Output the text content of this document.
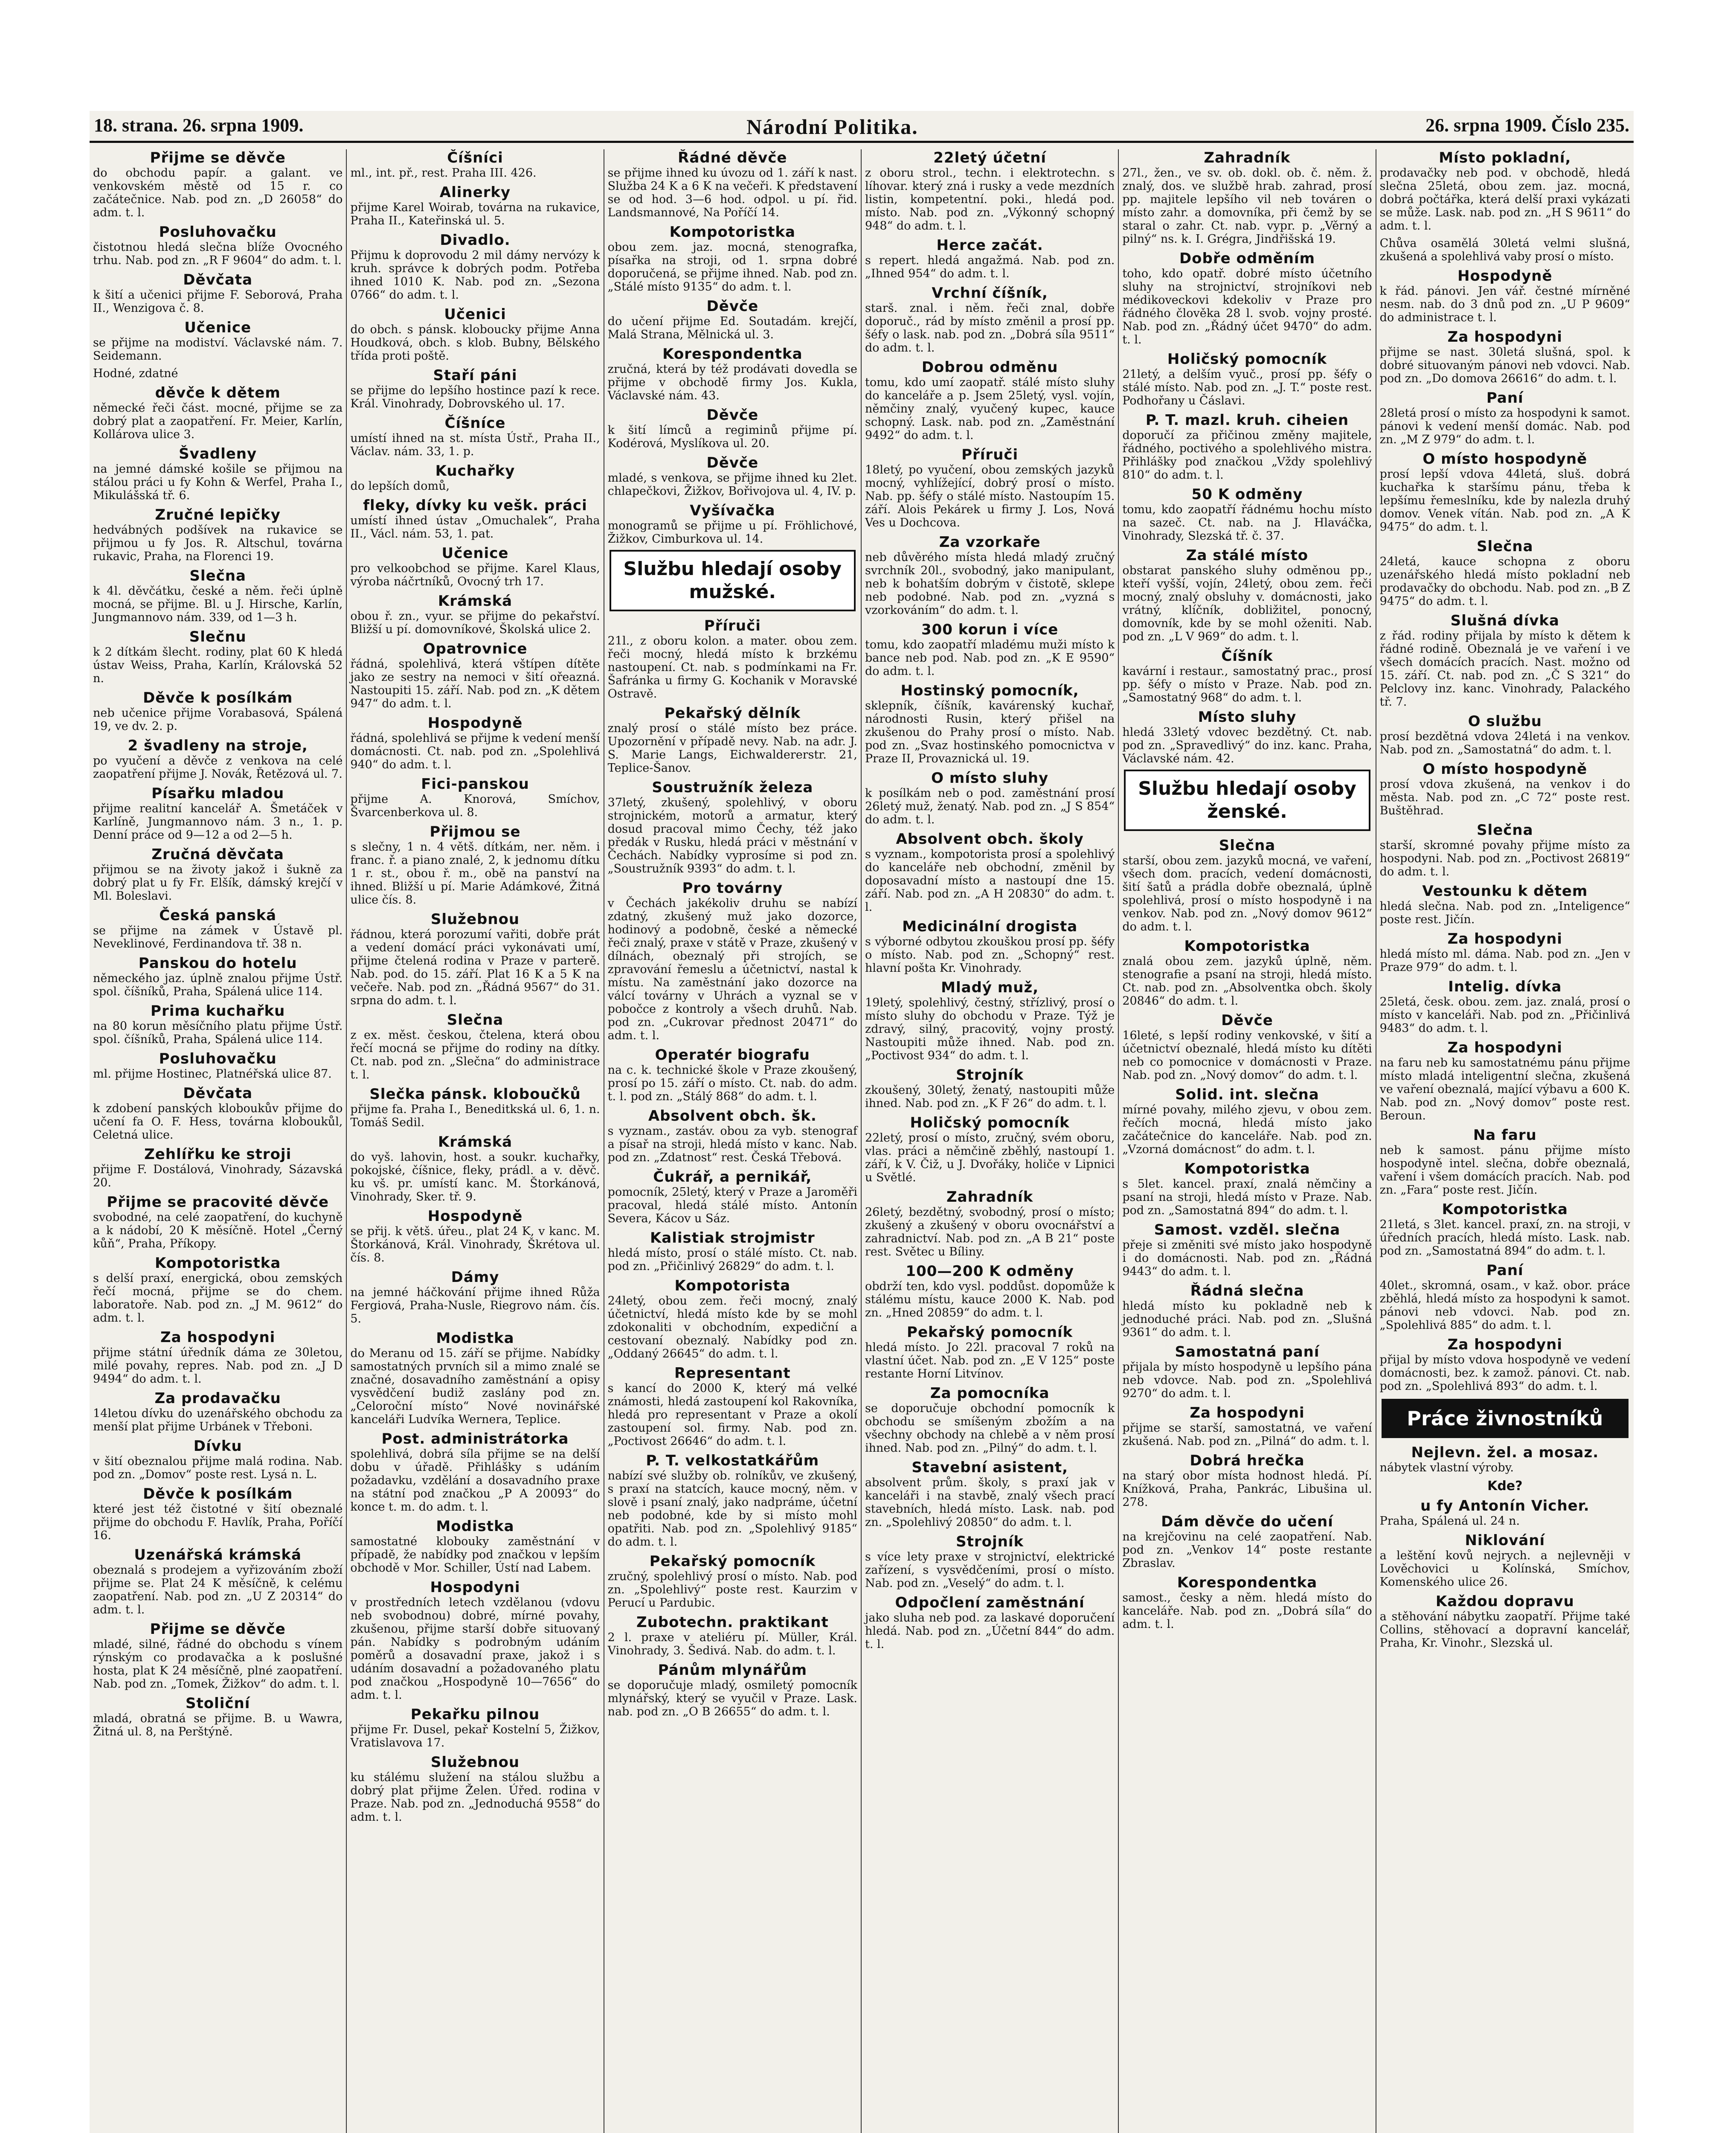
18. strana. 26. srpna 1909.	Národní Politika.	26. srpna 1909. Číslo 235.
Přijme se děvče
do obchodu papír. a galant. ve venkovském městě od 15 r. co začátečnice. Nab. pod zn. „D 26058“ do adm. t. l.
Posluhovačku
čistotnou hledá slečna blíže Ovocného trhu. Nab. pod zn. „R F 9604“ do adm. t. l.
Děvčata
k šití a učenici přijme F. Seborová, Praha II., Wenzigova č. 8.
Učenice
se přijme na modiství. Václavské nám. 7. Seidemann.
Hodné, zdatné
děvče k dětem
německé řeči část. mocné, přijme se za dobrý plat a zaopatření. Fr. Meier, Karlín, Kollárova ulice 3.
Švadleny
na jemné dámské košile se přijmou na stálou práci u fy Kohn & Werfel, Praha I., Mikulášská tř. 6.
Zručné lepičky
hedvábných podšívek na rukavice se přijmou u fy Jos. R. Altschul, továrna rukavic, Praha, na Florenci 19.
Slečna
k 4l. děvčátku, české a něm. řeči úplně mocná, se přijme. Bl. u J. Hirsche, Karlín, Jungmannovo nám. 339, od 1—3 h.
Slečnu
k 2 dítkám šlecht. rodiny, plat 60 K hledá ústav Weiss, Praha, Karlín, Královská 52 n.
Děvče k posílkám
neb učenice přijme Vorabasová, Spálená 19, ve dv. 2. p.
2 švadleny na stroje,
po vyučení a děvče z venkova na celé zaopatření přijme J. Novák, Řetězová ul. 7.
Písařku mladou
přijme realitní kancelář A. Šmetáček v Karlíně, Jungmannovo nám. 3 n., 1. p. Denní práce od 9—12 a od 2—5 h.
Zručná děvčata
přijmou se na životy jakož i šukně za dobrý plat u fy Fr. Elšík, dámský krejčí v Ml. Boleslavi.
Česká panská
se přijme na zámek v Ústavě pl. Neveklinové, Ferdinandova tř. 38 n.
Panskou do hotelu
německého jaz. úplně znalou přijme Ústř. spol. číšníků, Praha, Spálená ulice 114.
Prima kuchařku
na 80 korun měsíčního platu přijme Ústř. spol. číšníků, Praha, Spálená ulice 114.
Posluhovačku
ml. přijme Hostinec, Platnéřská ulice 87.
Děvčata
k zdobení panských kloboukův přijme do učení fa O. F. Hess, továrna kloboukůl, Celetná ulice.
Zehlířku ke stroji
přijme F. Dostálová, Vinohrady, Sázavská 20.
Přijme se pracovité děvče
svobodné, na celé zaopatření, do kuchyně a k nádobí, 20 K měsíčně. Hotel „Černý kůň“, Praha, Příkopy.
Kompotoristka
s delší praxí, energická, obou zemských řečí mocná, přijme se do chem. laboratoře. Nab. pod zn. „J M. 9612“ do adm. t. l.
Za hospodyni
přijme státní úředník dáma ze 30letou, milé povahy, repres. Nab. pod zn. „J D 9494“ do adm. t. l.
Za prodavačku
14letou dívku do uzenářského obchodu za menší plat přijme Urbánek v Třeboni.
Dívku
v šití obeznalou přijme malá rodina. Nab. pod zn. „Domov“ poste rest. Lysá n. L.
Děvče k posílkám
které jest též čistotné v šití obeznalé přijme do obchodu F. Havlík, Praha, Poříčí 16.
Uzenářská krámská
obeznalá s prodejem a vyřizováním zboží přijme se. Plat 24 K měsíčně, k celému zaopatření. Nab. pod zn. „U Z 20314“ do adm. t. l.
Přijme se děvče
mladé, silné, řádné do obchodu s vínem rýnským co prodavačka a k poslušné hosta, plat K 24 měsíčně, plné zaopatření. Nab. pod zn. „Tomek, Žižkov“ do adm. t. l.
Stoliční
mladá, obratná se přijme. B. u Wawra, Žitná ul. 8, na Perštýně.
Číšníci
ml., int. př., rest. Praha III. 426.
Alinerky
přijme Karel Woirab, továrna na rukavice, Praha II., Kateřinská ul. 5.
Divadlo.
Přijmu k doprovodu 2 mil dámy nervózy k kruh. správce k dobrých podm. Potřeba ihned 1010 K. Nab. pod zn. „Sezona 0766“ do adm. t. l.
Učenici
do obch. s pánsk. kloboucky přijme Anna Houdková, obch. s klob. Bubny, Bělského třída proti poště.
Staří páni
se přijme do lepšího hostince pazí k rece. Král. Vinohrady, Dobrovského ul. 17.
Číšníce
umístí ihned na st. místa Ústř., Praha II., Václav. nám. 33, 1. p.
Kuchařky
do lepších domů,
fleky, dívky ku vešk. práci
umístí ihned ústav „Omuchalek“, Praha II., Václ. nám. 53, 1. pat.
Učenice
pro velkoobchod se přijme. Karel Klaus, výroba náčrtníků, Ovocný trh 17.
Krámská
obou ř. zn., vyur. se přijme do pekařství. Bližší u pí. domovníkové, Školská ulice 2.
Opatrovnice
řádná, spolehlivá, která vštípen dítěte jako ze sestry na nemoci v šití ořeazná. Nastoupiti 15. září. Nab. pod zn. „K dětem 947“ do adm. t. l.
Hospodyně
řádná, spolehlivá se přijme k vedení menší domácnosti. Ct. nab. pod zn. „Spolehlivá 940“ do adm. t. l.
Fici-panskou
přijme A. Knorová, Smíchov, Švarcenberkova ul. 8.
Přijmou se
s slečny, 1 n. 4 větš. dítkám, ner. něm. i franc. ř. a piano znalé, 2, k jednomu dítku 1 r. st., obou ř. m., obě na panství na ihned. Bližší u pí. Marie Adámkové, Žitná ulice čís. 8.
Služebnou
řádnou, která porozumí vařiti, dobře prát a vedení domácí práci vykonávati umí, přijme čtelená rodina v Praze v parterě. Nab. pod. do 15. září. Plat 16 K a 5 K na večeře. Nab. pod zn. „Řádná 9567“ do 31. srpna do adm. t. l.
Slečna
z ex. měst. českou, čtelena, která obou řečí mocná se přijme do rodiny na dítky. Ct. nab. pod zn. „Slečna“ do administrace t. l.
Slečka pánsk. kloboučků
přijme fa. Praha I., Beneditkská ul. 6, 1. n. Tomáš Sedil.
Krámská
do vyš. lahovin, host. a soukr. kuchařky, pokojské, číšnice, fleky, prádl. a v. děvč. ku vš. pr. umístí kanc. M. Štorkánová, Vinohrady, Sker. tř. 9.
Hospodyně
se přij. k větš. úřeu., plat 24 K, v kanc. M. Štorkánová, Král. Vinohrady, Škrétova ul. čís. 8.
Dámy
na jemné háčkování přijme ihned Růža Fergiová, Praha-Nusle, Riegrovo nám. čís. 5.
Modistka
do Meranu od 15. září se přijme. Nabídky samostatných prvních sil a mimo znalé se značné, dosavadního zaměstnání a opisy vysvědčení budiž zaslány pod zn. „Celoroční místo“ Nové novinářské kanceláři Ludvíka Wernera, Teplice.
Post. administrátorka
spolehlivá, dobrá síla přijme se na delší dobu v úřadě. Přihlášky s udáním požadavku, vzdělání a dosavadního praxe na státní pod značkou „P A 20093“ do konce t. m. do adm. t. l.
Modistka
samostatné klobouky zaměstnání v případě, že nabídky pod značkou v lepším obchodě v Mor. Schiller, Ústí nad Labem.
Hospodyni
v prostředních letech vzdělanou (vdovu neb svobodnou) dobré, mírné povahy, zkušenou, přijme starší dobře situovaný pán. Nabídky s podrobným udáním poměrů a dosavadní praxe, jakož i s udáním dosavadní a požadovaného platu pod značkou „Hospodyně 10—7656“ do adm. t. l.
Pekařku pilnou
přijme Fr. Dusel, pekař Kostelní 5, Žižkov, Vratislavova 17.
Služebnou
ku stálému služení na stálou službu a dobrý plat přijme Želen. Úřed. rodina v Praze. Nab. pod zn. „Jednoduchá 9558“ do adm. t. l.
Řádné děvče
se přijme ihned ku úvozu od 1. září k nast. Služba 24 K a 6 K na večeři. K představení se od hod. 3—6 hod. odpol. u pí. řid. Landsmannové, Na Poříčí 14.
Kompotoristka
obou zem. jaz. mocná, stenografka, písařka na stroji, od 1. srpna dobré doporučená, se přijme ihned. Nab. pod zn. „Stálé místo 9135“ do adm. t. l.
Děvče
do učení přijme Ed. Soutadám. krejčí, Malá Strana, Mělnická ul. 3.
Korespondentka
zručná, která by též prodávati dovedla se přijme v obchodě firmy Jos. Kukla, Václavské nám. 43.
Děvče
k šití límců a regiminů přijme pí. Kodérová, Myslíkova ul. 20.
Děvče
mladé, s venkova, se přijme ihned ku 2let. chlapečkovi, Žižkov, Bořivojova ul. 4, IV. p.
Vyšívačka
monogramů se přijme u pí. Fröhlichové, Žižkov, Cimburkova ul. 14.
Službu hledají osoby mužské.
Příruči
21l., z oboru kolon. a mater. obou zem. řeči mocný, hledá místo k brzkému nastoupení. Ct. nab. s podmínkami na Fr. Šafránka u firmy G. Kochanik v Moravské Ostravě.
Pekařský dělník
znalý prosí o stálé místo bez práce. Upozornění v případě nevy. Nab. na adr. J. S. Marie Langs, Eichwaldererstr. 21, Teplice-Šanov.
Soustružník železa
37letý, zkušený, spolehlivý, v oboru strojnickém, motorů a armatur, který dosud pracoval mimo Čechy, též jako předák v Rusku, hledá práci v městnání v Čechách. Nabídky vyprosíme si pod zn. „Soustružník 9393“ do adm. t. l.
Pro továrny
v Čechách jakékoliv druhu se nabízí zdatný, zkušený muž jako dozorce, hodinový a podobně, české a německé řeči znalý, praxe v státě v Praze, zkušený v dílnách, obeznalý při strojích, se zpravování řemeslu a účetnictví, nastal k místu. Na zaměstnání jako dozorce na válcí továrny v Uhrách a vyznal se v pobočce z kontroly a všech druhů. Nab. pod zn. „Cukrovar přednost 20471“ do adm. t. l.
Operatér biografu
na c. k. technické škole v Praze zkoušený, prosí po 15. září o místo. Ct. nab. do adm. t. l. pod zn. „Stálý 868“ do adm. t. l.
Absolvent obch. šk.
s vyznam., zastáv. obou za vyb. stenograf a písař na stroji, hledá místo v kanc. Nab. pod zn. „Zdatnost“ rest. Česká Třebová.
Čukrář, a pernikář,
pomocník, 25letý, který v Praze a Jaroměři pracoval, hledá stálé místo. Antonín Severa, Kácov u Sáz.
Kalistiak strojmistr
hledá místo, prosí o stálé místo. Ct. nab. pod zn. „Přičinlivý 26829“ do adm. t. l.
Kompotorista
24letý, obou zem. řeči mocný, znalý účetnictví, hledá místo kde by se mohl zdokonaliti v obchodním, expediční a cestovaní obeznalý. Nabídky pod zn. „Oddaný 26645“ do adm. t. l.
Representant
s kancí do 2000 K, který má velké známosti, hledá zastoupení kol Rakovníka, hledá pro representant v Praze a okolí zastoupení sol. firmy. Nab. pod zn. „Poctivost 26646“ do adm. t. l.
P. T. velkostatkářům
nabízí své služby ob. rolníkův, ve zkušený, s praxí na statcích, kauce mocný, něm. v slově i psaní znalý, jako nadpráme, účetní neb podobné, kde by si místo mohl opatřiti. Nab. pod zn. „Spolehlivý 9185“ do adm. t. l.
Pekařský pomocník
zručný, spolehlivý prosí o místo. Nab. pod zn. „Spolehlivý“ poste rest. Kaurzim v Perucí u Pardubic.
Zubotechn. praktikant
2 l. praxe v ateliéru pí. Müller, Král. Vinohrady, 3. Šedivá. Nab. do adm. t. l.
Pánům mlynářům
se doporučuje mladý, osmiletý pomocník mlynářský, který se vyučil v Praze. Lask. nab. pod zn. „O B 26655“ do adm. t. l.
22letý účetní
z oboru strol., techn. i elektrotechn. s líhovar. který zná i rusky a vede mezdních listin, kompetentní. poki., hledá pod. místo. Nab. pod zn. „Výkonný schopný 948“ do adm. t. l.
Herce začát.
s repert. hledá angažmá. Nab. pod zn. „Ihned 954“ do adm. t. l.
Vrchní číšník,
starš. znal. i něm. řeči znal, dobře doporuč., rád by místo změnil a prosí pp. šéfy o lask. nab. pod zn. „Dobrá síla 9511“ do adm. t. l.
Dobrou odměnu
tomu, kdo umí zaopatř. stálé místo sluhy do kanceláře a p. Jsem 25letý, vysl. vojín, němčiny znalý, vyučený kupec, kauce schopný. Lask. nab. pod zn. „Zaměstnání 9492“ do adm. t. l.
Příruči
18letý, po vyučení, obou zemských jazyků mocný, vyhlížející, dobrý prosí o místo. Nab. pp. šéfy o stálé místo. Nastoupím 15. září. Alois Pekárek u firmy J. Los, Nová Ves u Dochcova.
Za vzorkaře
neb důvěrého místa hledá mladý zručný svrchník 20l., svobodný, jako manipulant, neb k bohatším dobrým v čistotě, sklepe neb podobné. Nab. pod zn. „vyzná s vzorkováním“ do adm. t. l.
300 korun i více
tomu, kdo zaopatří mladému muži místo k bance neb pod. Nab. pod zn. „K E 9590“ do adm. t. l.
Hostinský pomocník,
sklepník, číšník, kavárenský kuchař, národnosti Rusin, který přišel na zkušenou do Prahy prosí o místo. Nab. pod zn. „Svaz hostinského pomocnictva v Praze II, Provaznická ul. 19.
O místo sluhy
k posílkám neb o pod. zaměstnání prosí 26letý muž, ženatý. Nab. pod zn. „J S 854“ do adm. t. l.
Absolvent obch. školy
s vyznam., kompotorista prosí a spolehlivý do kanceláře neb obchodní, změnil by doposavadní místo a nastoupí dne 15. září. Nab. pod zn. „A H 20830“ do adm. t. l.
Medicinální drogista
s výborné odbytou zkouškou prosí pp. šéfy o místo. Nab. pod zn. „Schopný“ rest. hlavní pošta Kr. Vinohrady.
Mladý muž,
19letý, spolehlivý, čestný, střízlivý, prosí o místo sluhy do obchodu v Praze. Týž je zdravý, silný, pracovitý, vojny prostý. Nastoupiti může ihned. Nab. pod zn. „Poctivost 934“ do adm. t. l.
Strojník
zkoušený, 30letý, ženatý, nastoupiti může ihned. Nab. pod zn. „K F 26“ do adm. t. l.
Holičský pomocník
22letý, prosí o místo, zručný, svém oboru, vlas. práci a němčině zběhlý, nastoupí 1. září, k V. Čiž, u J. Dvořáky, holiče v Lipnici u Světlé.
Zahradník
26letý, bezdětný, svobodný, prosí o místo; zkušený a zkušený v oboru ovocnářství a zahradnictví. Nab. pod zn. „A B 21“ poste rest. Světec u Bíliny.
100—200 K odměny
obdrží ten, kdo vysl. poddůst. dopomůže k stálému místu, kauce 2000 K. Nab. pod zn. „Hned 20859“ do adm. t. l.
Pekařský pomocník
hledá místo. Jo 22l. pracoval 7 roků na vlastní účet. Nab. pod zn. „E V 125“ poste restante Horní Litvínov.
Za pomocníka
se doporučuje obchodní pomocník k obchodu se smíšeným zbožím a na všechny obchody na chlebě a v něm prosí ihned. Nab. pod zn. „Pilný“ do adm. t. l.
Stavební asistent,
absolvent prům. školy, s praxí jak v kanceláři i na stavbě, znalý všech prací stavebních, hledá místo. Lask. nab. pod zn. „Spolehlivý 20850“ do adm. t. l.
Strojník
s více lety praxe v strojnictví, elektrické zařízení, s vysvědčeními, prosí o místo. Nab. pod zn. „Veselý“ do adm. t. l.
Odpočlení zaměstnání
jako sluha neb pod. za laskavé doporučení hledá. Nab. pod zn. „Účetní 844“ do adm. t. l.
Zahradník
27l., žen., ve sv. ob. dokl. ob. č. něm. ž. znalý, dos. ve službě hrab. zahrad, prosí pp. majitele lepšího vil neb továren o místo zahr. a domovníka, při čemž by se staral o zahr. Ct. nab. vypr. p. „Věrný a pilný“ ns. k. I. Grégra, Jindřišská 19.
Dobře odměním
toho, kdo opatř. dobré místo účetního sluhy na strojnictví, strojníkovi neb médikoveckovi kdekoliv v Praze pro řádného člověka 28 l. svob. vojny prosté. Nab. pod zn. „Řádný účet 9470“ do adm. t. l.
Holičský pomocník
21letý, a delším vyuč., prosí pp. šéfy o stálé místo. Nab. pod zn. „J. T.“ poste rest. Podhořany u Čáslavi.
P. T. mazl. kruh. ciheien
doporučí za přičinou změny majitele, řádného, poctivého a spolehlivého mistra. Přihlášky pod značkou „Vždy spolehlivý 810“ do adm. t. l.
50 K odměny
tomu, kdo zaopatří řádnému hochu místo na sazeč. Ct. nab. na J. Hlaváčka, Vinohrady, Slezská tř. č. 37.
Za stálé místo
obstarat panského sluhy odměnou pp., kteří vyšší, vojín, 24letý, obou zem. řeči mocný, znalý obsluhy v. domácnosti, jako vrátný, klíčník, dobližitel, ponocný, domovník, kde by se mohl oženiti. Nab. pod zn. „L V 969“ do adm. t. l.
Číšník
kavární i restaur., samostatný prac., prosí pp. šéfy o místo v Praze. Nab. pod zn. „Samostatný 968“ do adm. t. l.
Místo sluhy
hledá 33letý vdovec bezdětný. Ct. nab. pod zn. „Spravedlivý“ do inz. kanc. Praha, Václavské nám. 42.
Službu hledají osoby ženské.
Slečna
starší, obou zem. jazyků mocná, ve vaření, všech dom. pracích, vedení domácnosti, šití šatů a prádla dobře obeznalá, úplně spolehlivá, prosí o místo hospodyně i na venkov. Nab. pod zn. „Nový domov 9612“ do adm. t. l.
Kompotoristka
znalá obou zem. jazyků úplně, něm. stenografie a psaní na stroji, hledá místo. Ct. nab. pod zn. „Absolventka obch. školy 20846“ do adm. t. l.
Děvče
16leté, s lepší rodiny venkovské, v šití a účetnictví obeznalé, hledá místo ku dítěti neb co pomocnice v domácnosti v Praze. Nab. pod zn. „Nový domov“ do adm. t. l.
Solid. int. slečna
mírné povahy, milého zjevu, v obou zem. řečích mocná, hledá místo jako začátečnice do kanceláře. Nab. pod zn. „Vzorná domácnost“ do adm. t. l.
Kompotoristka
s 5let. kancel. praxí, znalá němčiny a psaní na stroji, hledá místo v Praze. Nab. pod zn. „Samostatná 894“ do adm. t. l.
Samost. vzděl. slečna
přeje si změniti své místo jako hospodyně i do domácnosti. Nab. pod zn. „Řádná 9443“ do adm. t. l.
Řádná slečna
hledá místo ku pokladně neb k jednoduché práci. Nab. pod zn. „Slušná 9361“ do adm. t. l.
Samostatná paní
přijala by místo hospodyně u lepšího pána neb vdovce. Nab. pod zn. „Spolehlivá 9270“ do adm. t. l.
Za hospodyni
přijme se starší, samostatná, ve vaření zkušená. Nab. pod zn. „Pilná“ do adm. t. l.
Dobrá hrečka
na starý obor místa hodnost hledá. Pí. Knížková, Praha, Pankrác, Libušina ul. 278.
Dám děvče do učení
na krejčovinu na celé zaopatření. Nab. pod zn. „Venkov 14“ poste restante Zbraslav.
Korespondentka
samost., česky a něm. hledá místo do kanceláře. Nab. pod zn. „Dobrá síla“ do adm. t. l.
Místo pokladní,
prodavačky neb pod. v obchodě, hledá slečna 25letá, obou zem. jaz. mocná, dobrá počtářka, která delší praxi vykázati se může. Lask. nab. pod zn. „H S 9611“ do adm. t. l.
Chůva osamělá 30letá velmi slušná, zkušená a spolehlivá vaby prosí o místo.
Hospodyně
k řád. pánovi. Jen vář. čestné mírněné nesm. nab. do 3 dnů pod zn. „U P 9609“ do administrace t. l.
Za hospodyni
přijme se nast. 30letá slušná, spol. k dobré situovaným pánovi neb vdovci. Nab. pod zn. „Do domova 26616“ do adm. t. l.
Paní
28letá prosí o místo za hospodyni k samot. pánovi k vedení menší domác. Nab. pod zn. „M Z 979“ do adm. t. l.
O místo hospodyně
prosí lepší vdova 44letá, sluš. dobrá kuchařka k staršímu pánu, třeba k lepšímu řemeslníku, kde by nalezla druhý domov. Venek vítán. Nab. pod zn. „A K 9475“ do adm. t. l.
Slečna
24letá, kauce schopna z oboru uzenářského hledá místo pokladní neb prodavačky do obchodu. Nab. pod zn. „B Z 9475“ do adm. t. l.
Slušná dívka
z řád. rodiny přijala by místo k dětem k řádné rodině. Obeznalá je ve vaření i ve všech domácích pracích. Nast. možno od 15. září. Ct. nab. pod zn. „Č S 321“ do Pelclovy inz. kanc. Vinohrady, Palackého tř. 7.
O službu
prosí bezdětná vdova 24letá i na venkov. Nab. pod zn. „Samostatná“ do adm. t. l.
O místo hospodyně
prosí vdova zkušená, na venkov i do města. Nab. pod zn. „C 72“ poste rest. Buštěhrad.
Slečna
starší, skromné povahy přijme místo za hospodyni. Nab. pod zn. „Poctivost 26819“ do adm. t. l.
Vestounku k dětem
hledá slečna. Nab. pod zn. „Inteligence“ poste rest. Jičín.
Za hospodyni
hledá místo ml. dáma. Nab. pod zn. „Jen v Praze 979“ do adm. t. l.
Intelig. dívka
25letá, česk. obou. zem. jaz. znalá, prosí o místo v kanceláři. Nab. pod zn. „Přičinlivá 9483“ do adm. t. l.
Za hospodyni
na faru neb ku samostatnému pánu přijme místo mladá inteligentní slečna, zkušená ve vaření obeznalá, mající výbavu a 600 K. Nab. pod zn. „Nový domov“ poste rest. Beroun.
Na faru
neb k samost. pánu přijme místo hospodyně intel. slečna, dobře obeznalá, vaření i všem domácích pracích. Nab. pod zn. „Fara“ poste rest. Jičín.
Kompotoristka
21letá, s 3let. kancel. praxí, zn. na stroji, v úředních pracích, hledá místo. Lask. nab. pod zn. „Samostatná 894“ do adm. t. l.
Paní
40let., skromná, osam., v kaž. obor. práce zběhlá, hledá místo za hospodyni k samot. pánovi neb vdovci. Nab. pod zn. „Spolehlivá 885“ do adm. t. l.
Za hospodyni
přijal by místo vdova hospodyně ve vedení domácnosti, bez. k zamož. pánovi. Ct. nab. pod zn. „Spolehlivá 893“ do adm. t. l.
Práce živnostníků
Nejlevn. žel. a mosaz.
nábytek vlastní výroby.
Kde?
u fy Antonín Vicher.
Praha, Spálená ul. 24 n.
Niklování
a leštění kovů nejrych. a nejlevněji v Lověchovici u Kolínská, Smíchov, Komenského ulice 26.
Každou dopravu
a stěhování nábytku zaopatří. Přijme také Collins, stěhovací a dopravní kancelář, Praha, Kr. Vinohr., Slezská ul.
